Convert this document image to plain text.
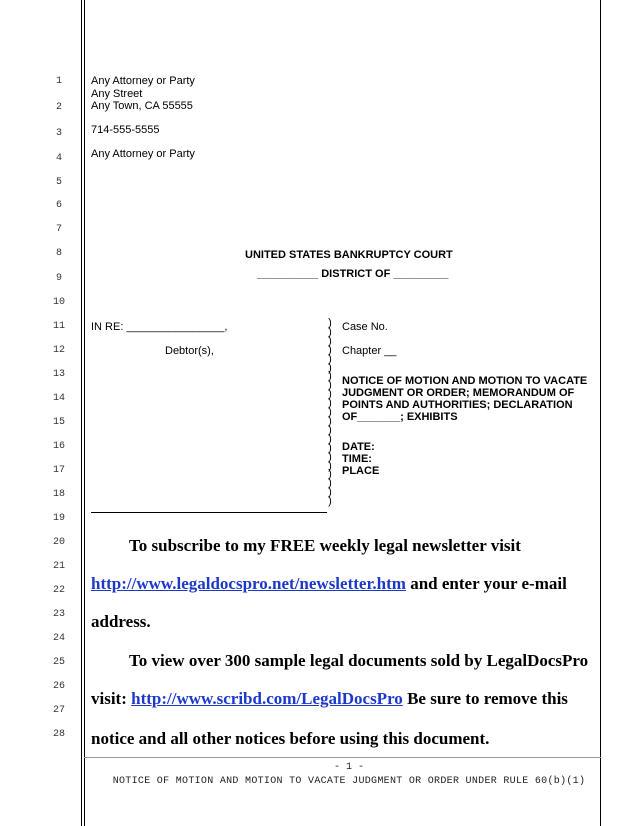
1
2
3
4
5
6
7
8
9
10
11
12
13
14
15
16
17
18
19
20
21
22
23
24
25
26
27
28
Any Attorney or Party
Any Street
Any Town, CA 55555
714-555-5555
Any Attorney or Party
UNITED STATES BANKRUPTCY COURT
__________ DISTRICT OF _________
IN RE: ________________,
Debtor(s),
)
)
)
)
)
)
)
)
)
)
)
)
)
)
)
)
)
)
)
)
)
Case No.
Chapter __
NOTICE OF MOTION AND MOTION TO VACATE
JUDGMENT OR ORDER; MEMORANDUM OF
POINTS AND AUTHORITIES; DECLARATION
OF_______; EXHIBITS
DATE:
TIME:
PLACE
To subscribe to my FREE weekly legal newsletter visit
http://www.legaldocspro.net/newsletter.htm and enter your e-mail
address.
To view over 300 sample legal documents sold by LegalDocsPro
visit: http://www.scribd.com/LegalDocsPro Be sure to remove this
notice and all other notices before using this document.
- 1 -
NOTICE OF MOTION AND MOTION TO VACATE JUDGMENT OR ORDER UNDER RULE 60(b)(1)
